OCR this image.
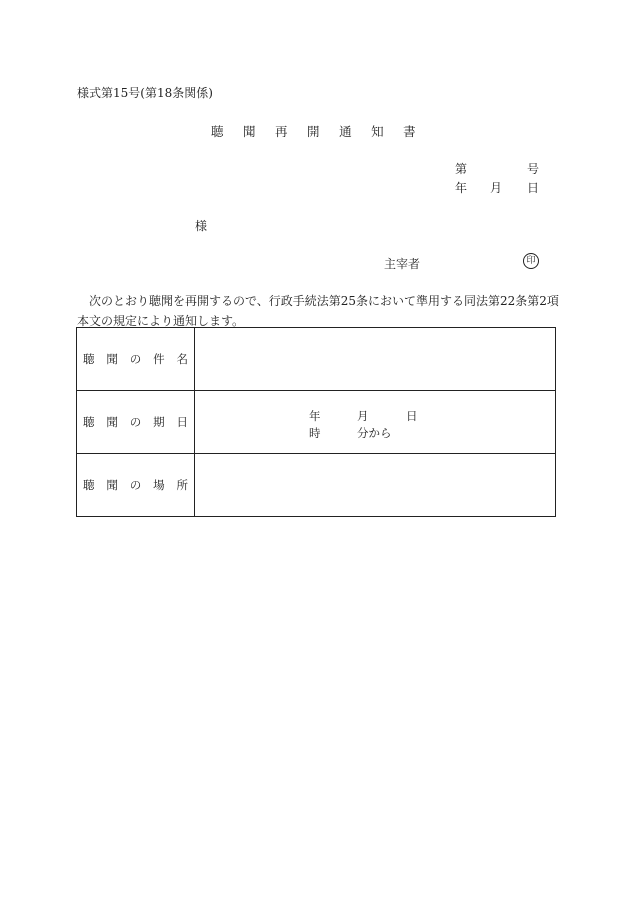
様式第15号(第18条関係)
聴 聞 再 開 通 知 書
第	号
年 月 日
様
主宰者	印
次のとおり聴聞を再開するので、行政手続法第25条において準用する同法第22条第2項本文の規定により通知します。
聴 聞 の 件 名	

聴 聞 の 期 日	年 月 日
時 分から

聴 聞 の 場 所	
